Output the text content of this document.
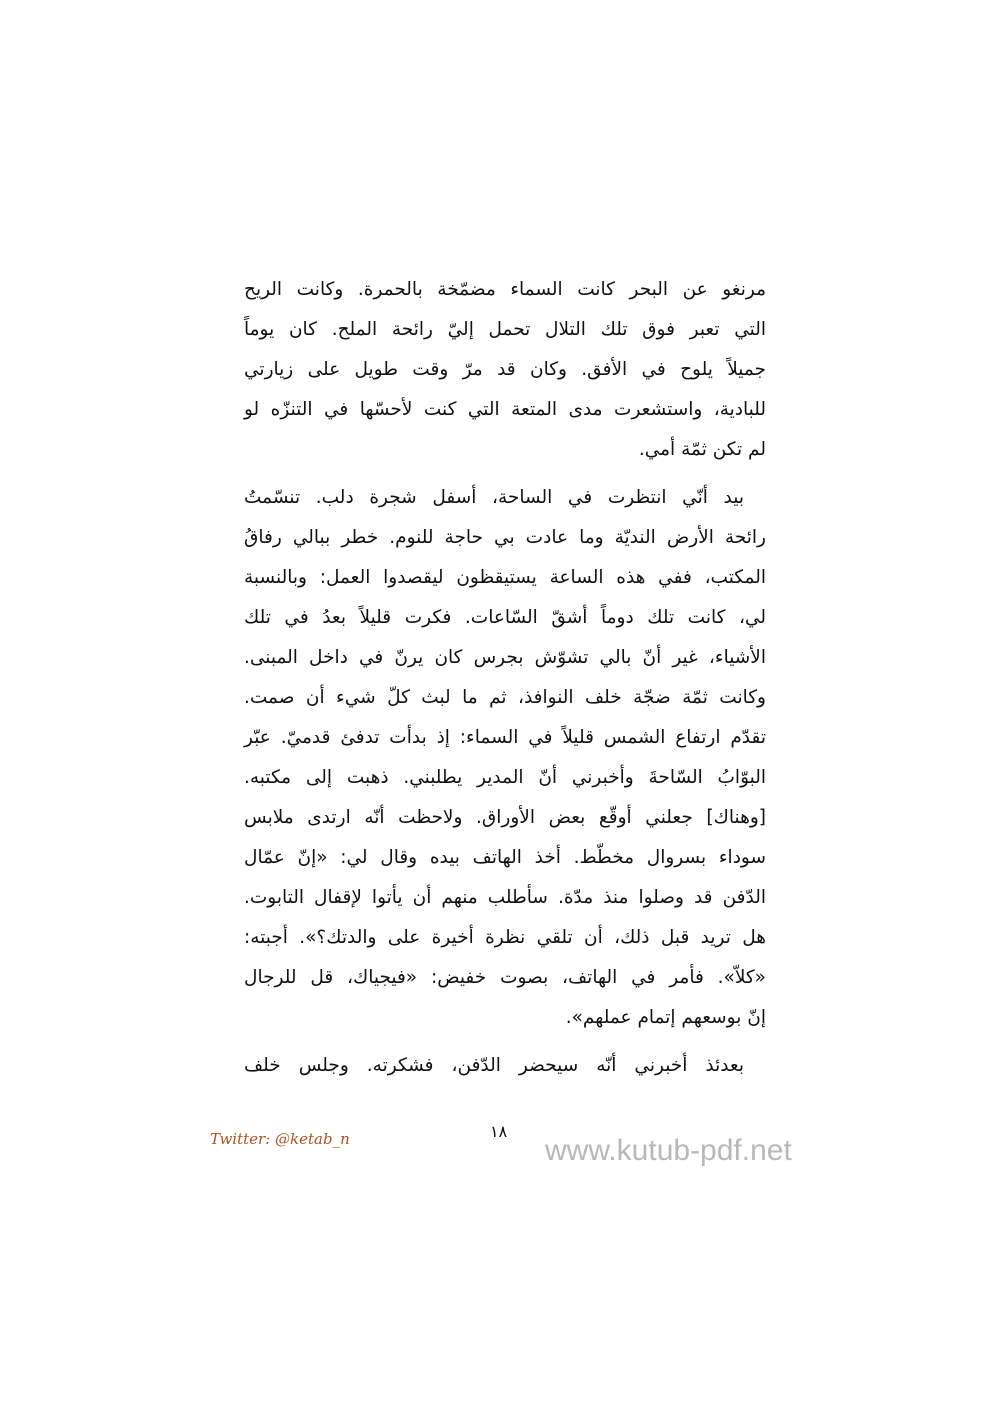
مرنغو عن البحر كانت السماء مضمّخة بالحمرة. وكانت الريح
التي تعبر فوق تلك التلال تحمل إليّ رائحة الملح. كان يوماً
جميلاً يلوح في الأفق. وكان قد مرّ وقت طويل على زيارتي
للبادية، واستشعرت مدى المتعة التي كنت لأحسّها في التنزّه لو
لم تكن ثمّة أمي.
بيد أنّي انتظرت في الساحة، أسفل شجرة دلب. تنسّمتُ
رائحة الأرض النديّة وما عادت بي حاجة للنوم. خطر ببالي رفاقُ
المكتب، ففي هذه الساعة يستيقظون ليقصدوا العمل: وبالنسبة
لي، كانت تلك دوماً أشقّ السّاعات. فكرت قليلاً بعدُ في تلك
الأشياء، غير أنّ بالي تشوّش بجرس كان يرنّ في داخل المبنى.
وكانت ثمّة ضجّة خلف النوافذ، ثم ما لبث كلّ شيء أن صمت.
تقدّم ارتفاع الشمس قليلاً في السماء: إذ بدأت تدفئ قدميّ. عبّر
البوّابُ السّاحةَ وأخبرني أنّ المدير يطلبني. ذهبت إلى مكتبه.
[وهناك] جعلني أوقّع بعض الأوراق. ولاحظت أنّه ارتدى ملابس
سوداء بسروال مخطّط. أخذ الهاتف بيده وقال لي: «إنّ عمّال
الدّفن قد وصلوا منذ مدّة. سأطلب منهم أن يأتوا لإقفال التابوت.
هل تريد قبل ذلك، أن تلقي نظرة أخيرة على والدتك؟». أجبته:
«كلاّ». فأمر في الهاتف، بصوت خفيض: «فيجياك، قل للرجال
إنّ بوسعهم إتمام عملهم».
بعدئذ أخبرني أنّه سيحضر الدّفن، فشكرته. وجلس خلف
Twitter: @ketab_n	١٨
www.kutub-pdf.net
